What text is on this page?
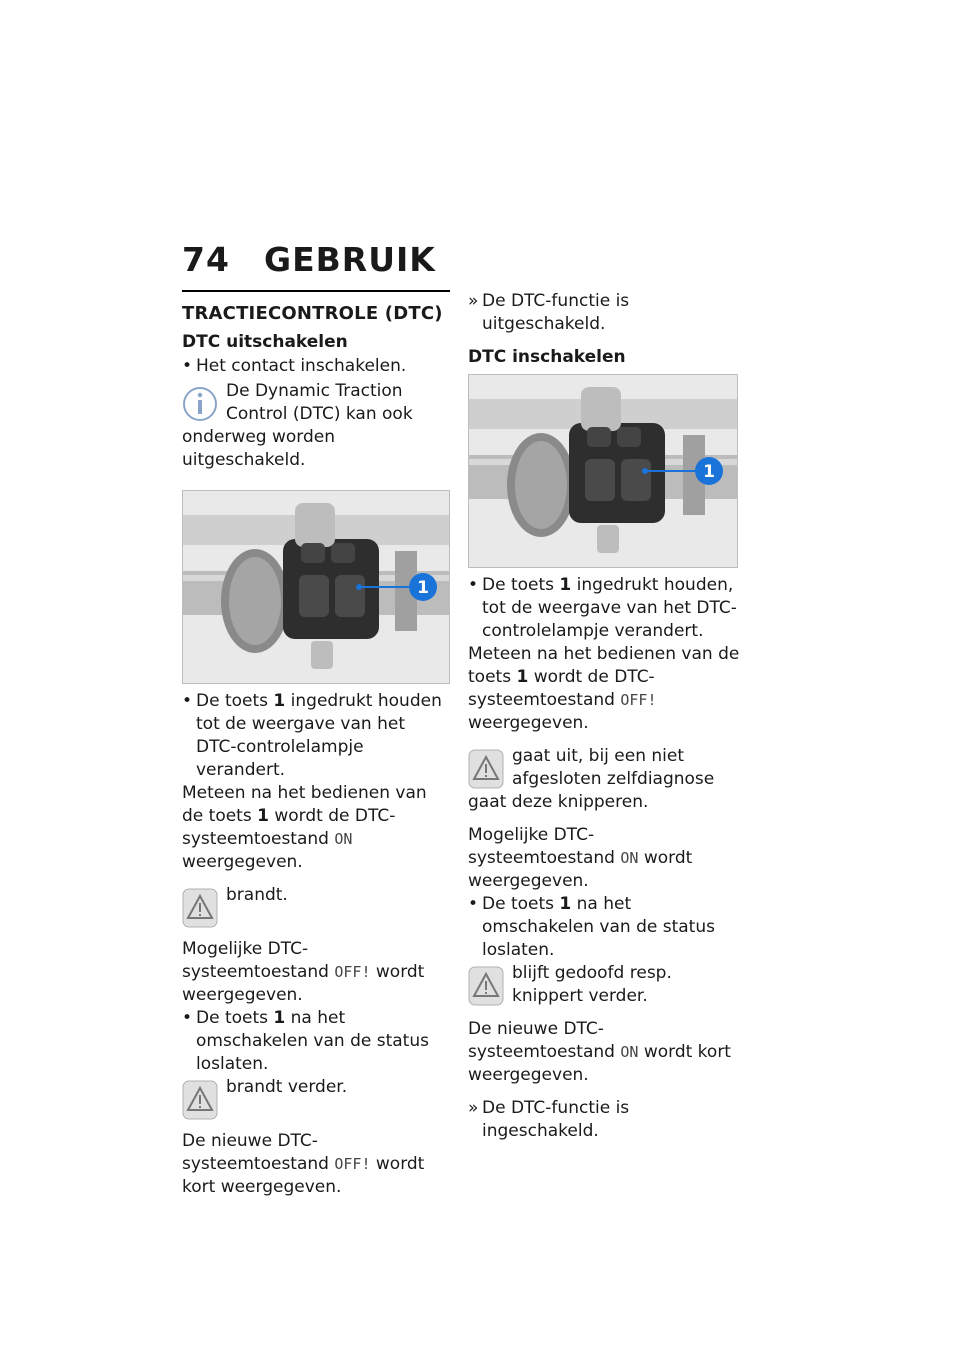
74 GEBRUIK
TRACTIECONTROLE (DTC)
DTC uitschakelen

• Het contact inschakelen.

De Dynamic Traction Control (DTC) kan ook onderweg worden uitgeschakeld.
1

• De toets 1 ingedrukt houden tot de weergave van het DTC-controlelampje verandert.

Meteen na het bedienen van de toets 1 wordt de DTC-systeemtoestand ON weergegeven.

brandt.

Mogelijke DTC-systeemtoestand OFF! wordt weergegeven.

• De toets 1 na het omschakelen van de status loslaten.

brandt verder.

De nieuwe DTC-systeemtoestand OFF! wordt kort weergegeven.

» De DTC-functie is uitgeschakeld.

DTC inschakelen
1

• De toets 1 ingedrukt houden, tot de weergave van het DTC-controlelampje verandert.

Meteen na het bedienen van de toets 1 wordt de DTC-systeemtoestand OFF! weergegeven.

gaat uit, bij een niet afgesloten zelfdiagnose gaat deze knipperen.

Mogelijke DTC-systeemtoestand ON wordt weergegeven.

• De toets 1 na het omschakelen van de status loslaten.

blijft gedoofd resp. knippert verder.

De nieuwe DTC-systeemtoestand ON wordt kort weergegeven.

» De DTC-functie is ingeschakeld.
